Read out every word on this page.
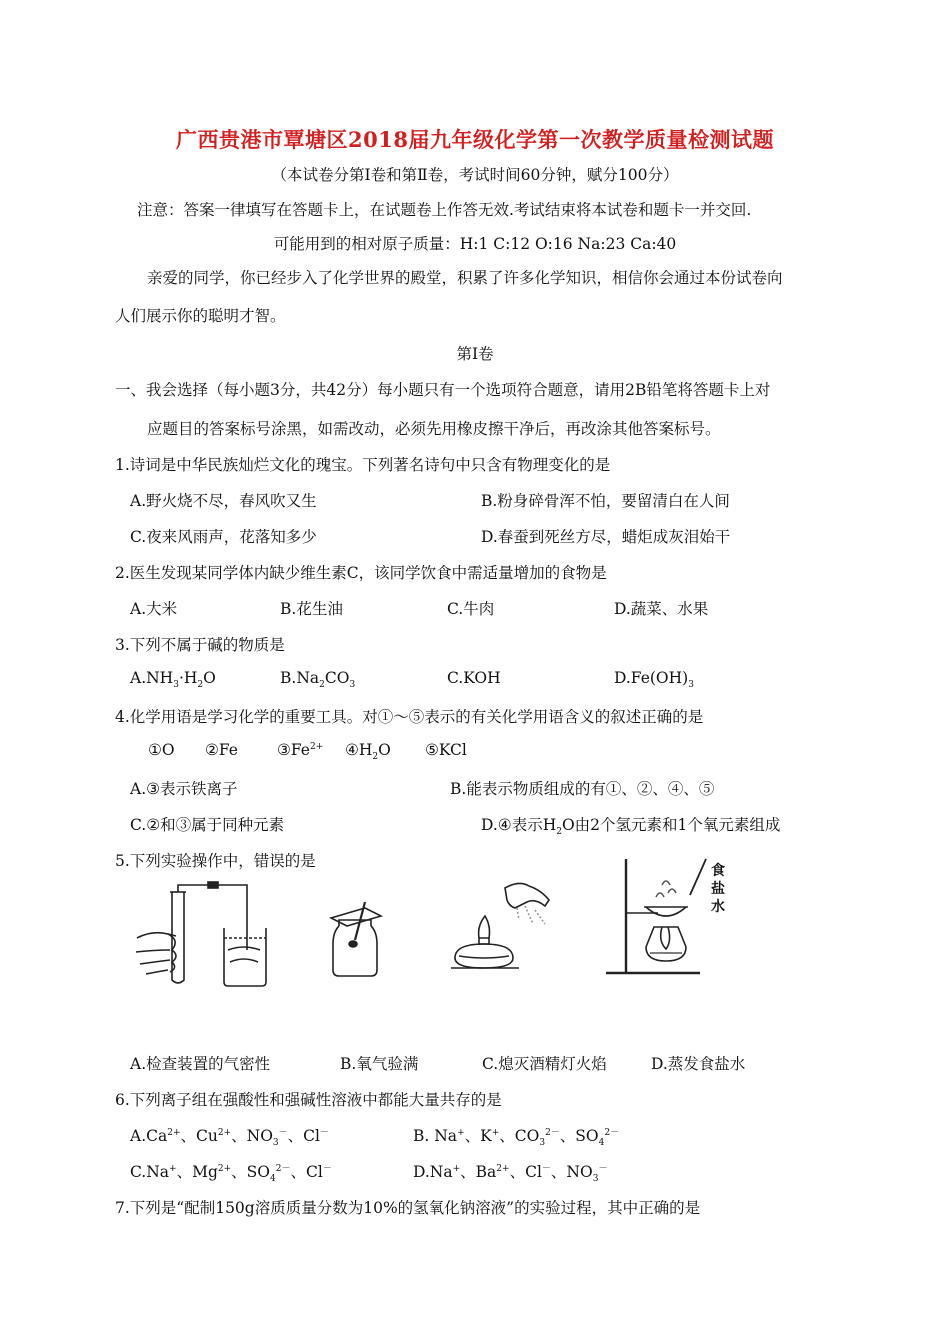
广西贵港市覃塘区2018届九年级化学第一次教学质量检测试题
（本试卷分第Ⅰ卷和第Ⅱ卷，考试时间60分钟，赋分100分）
注意：答案一律填写在答题卡上，在试题卷上作答无效.考试结束将本试卷和题卡一并交回.
可能用到的相对原子质量：H:1 C:12 O:16 Na:23 Ca:40
亲爱的同学，你已经步入了化学世界的殿堂，积累了许多化学知识，相信你会通过本份试卷向
人们展示你的聪明才智。
第Ⅰ卷
一、我会选择（每小题3分，共42分）每小题只有一个选项符合题意，请用2B铅笔将答题卡上对
应题目的答案标号涂黑，如需改动，必须先用橡皮擦干净后，再改涂其他答案标号。
1.诗词是中华民族灿烂文化的瑰宝。下列著名诗句中只含有物理变化的是
A.野火烧不尽，春风吹又生	B.粉身碎骨浑不怕，要留清白在人间
C.夜来风雨声，花落知多少	D.春蚕到死丝方尽，蜡炬成灰泪始干
2.医生发现某同学体内缺少维生素C，该同学饮食中需适量增加的食物是
A.大米	B.花生油	C.牛肉	D.蔬菜、水果
3.下列不属于碱的物质是
$A.NH_3\cdot H_2O$	$B.Na_2CO_3$	C.KOH	$D.Fe(OH)_3$
4.化学用语是学习化学的重要工具。对①～⑤表示的有关化学用语含义的叙述正确的是
①O ②Fe	$③Fe^{2+}$ $④H_2O$ ⑤KCl
A.③表示铁离子	B.能表示物质组成的有①、②、④、⑤
C.②和③属于同种元素	D.④表示$H_2O$由2个氢元素和1个氧元素组成
5.下列实验操作中，错误的是
食
盐
水
A.检查装置的气密性	B.氧气验满	C.熄灭酒精灯火焰	D.蒸发食盐水
6.下列离子组在强酸性和强碱性溶液中都能大量共存的是
$A.Ca^{2+}$、$Cu^{2+}$、$NO_3^-$、Cl－	B. Na+、K+、$CO_3^{2-}$、$SO_4^{2-}$
C.Na+、$Mg^{2+}$、$SO_4^{2-}$、Cl－	D.Na+、$Ba^{2+}$、Cl－、$NO_3^-$
7.下列是“配制150g溶质质量分数为10%的氢氧化钠溶液”的实验过程，其中正确的是
